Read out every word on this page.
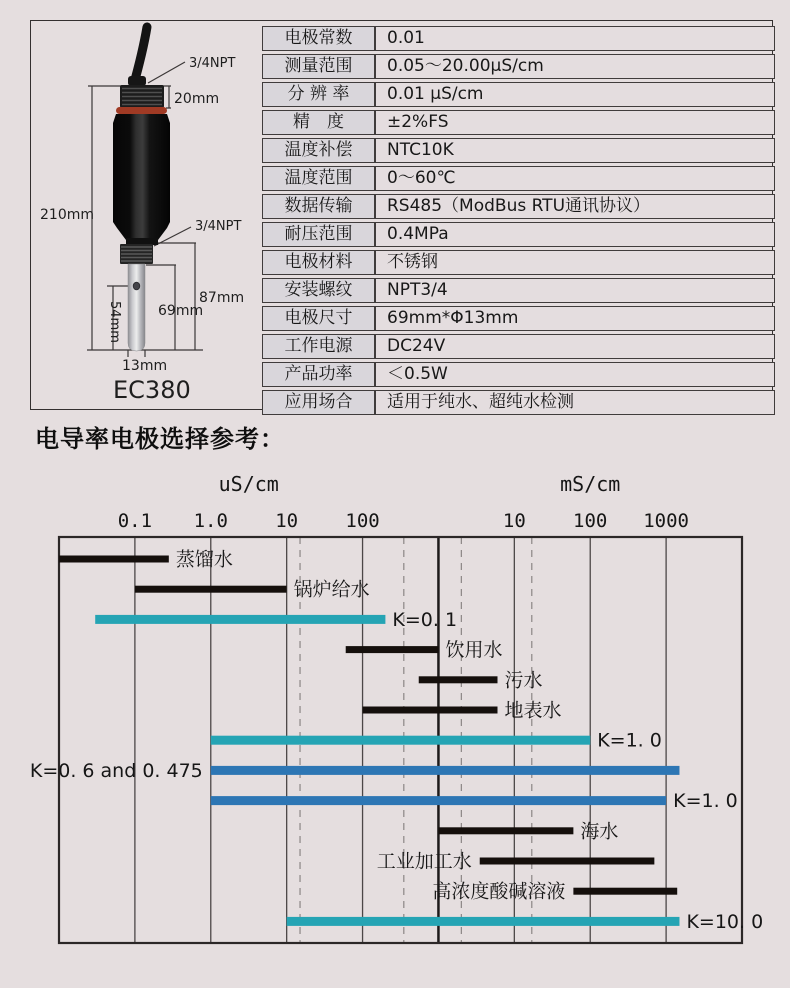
3/4NPT
20mm
210mm
3/4NPT
87mm
69mm
54mm
13mm
EC380
电极常数	0.01
测量范围	0.05～20.00μS/cm
分 辨 率	0.01 μS/cm
精　度	±2%FS
温度补偿	NTC10K
温度范围	0～60℃
数据传输	RS485（ModBus RTU通讯协议）
耐压范围	0.4MPa
电极材料	不锈钢
安装螺纹	NPT3/4
电极尺寸	69mm*Φ13mm
工作电源	DC24V
产品功率	＜0.5W
应用场合	适用于纯水、超纯水检测
电导率电极选择参考：
蒸馏水
锅炉给水
K=0. 1
饮用水
污水
地表水
K=1. 0
K=0. 6 and 0. 475
K=1. 0
海水
工业加工水
高浓度酸碱溶液
K=10. 0
0.1 1.0 10 100	10 100 1000
uS/cm	mS/cm
